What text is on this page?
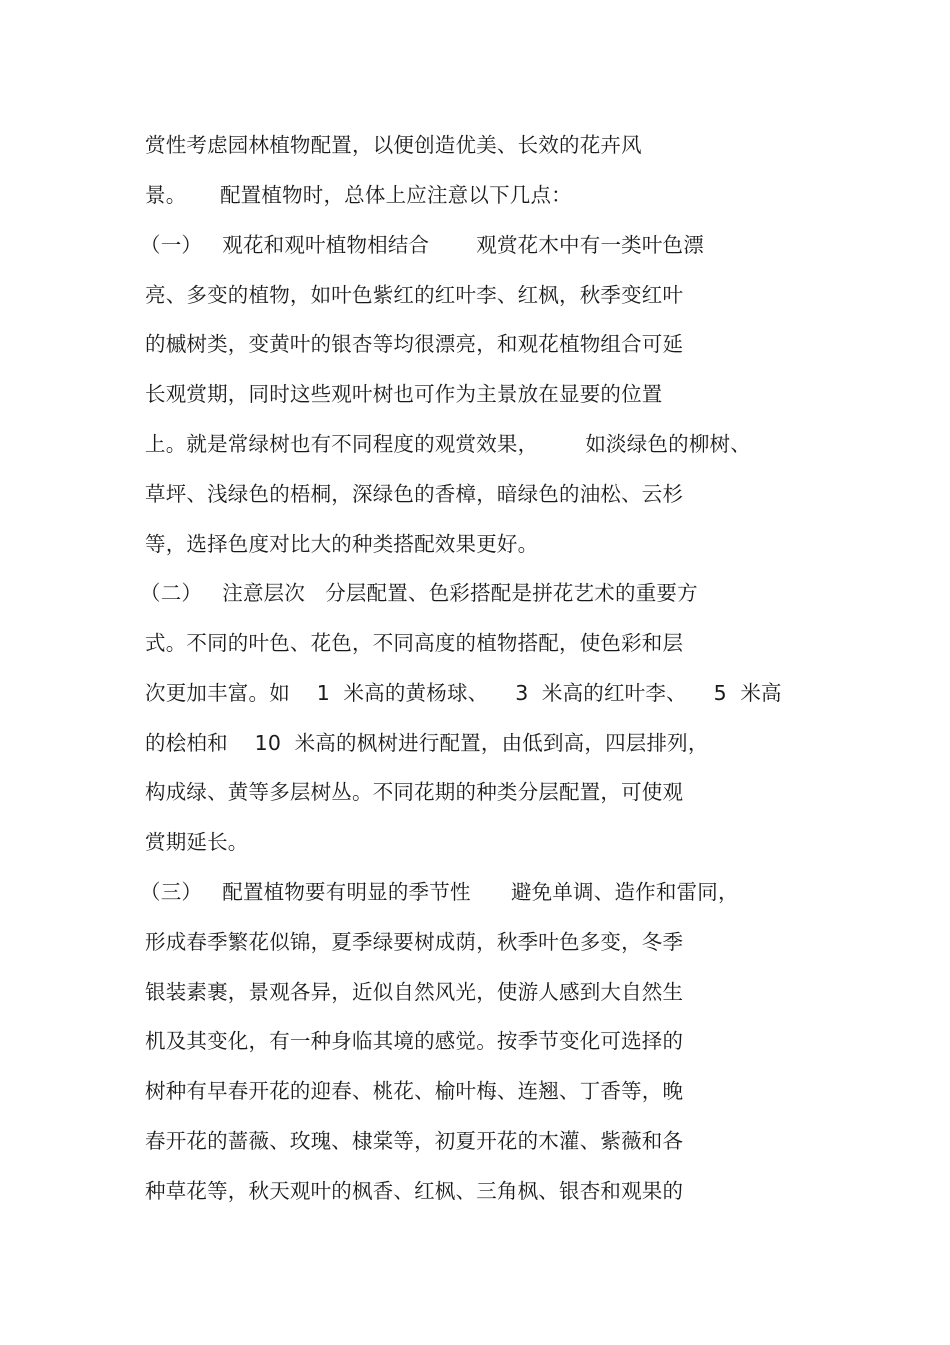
赏性考虑园林植物配置，以便创造优美、长效的花卉风
景。     配置植物时，总体上应注意以下几点：
（一）   观花和观叶植物相结合       观赏花木中有一类叶色漂
亮、多变的植物，如叶色紫红的红叶李、红枫，秋季变红叶
的槭树类，变黄叶的银杏等均很漂亮，和观花植物组合可延
长观赏期，同时这些观叶树也可作为主景放在显要的位置
上。就是常绿树也有不同程度的观赏效果，       如淡绿色的柳树、
草坪、浅绿色的梧桐，深绿色的香樟，暗绿色的油松、云杉
等，选择色度对比大的种类搭配效果更好。
（二）   注意层次   分层配置、色彩搭配是拼花艺术的重要方
式。不同的叶色、花色，不同高度的植物搭配，使色彩和层
次更加丰富。如    1  米高的黄杨球、    3  米高的红叶李、    5  米高
的桧柏和    10  米高的枫树进行配置，由低到高，四层排列，
构成绿、黄等多层树丛。不同花期的种类分层配置，可使观
赏期延长。
（三）   配置植物要有明显的季节性      避免单调、造作和雷同，
形成春季繁花似锦，夏季绿要树成荫，秋季叶色多变，冬季
银装素裹，景观各异，近似自然风光，使游人感到大自然生
机及其变化，有一种身临其境的感觉。按季节变化可选择的
树种有早春开花的迎春、桃花、榆叶梅、连翘、丁香等，晚
春开花的蔷薇、玫瑰、棣棠等，初夏开花的木灌、紫薇和各
种草花等，秋天观叶的枫香、红枫、三角枫、银杏和观果的
